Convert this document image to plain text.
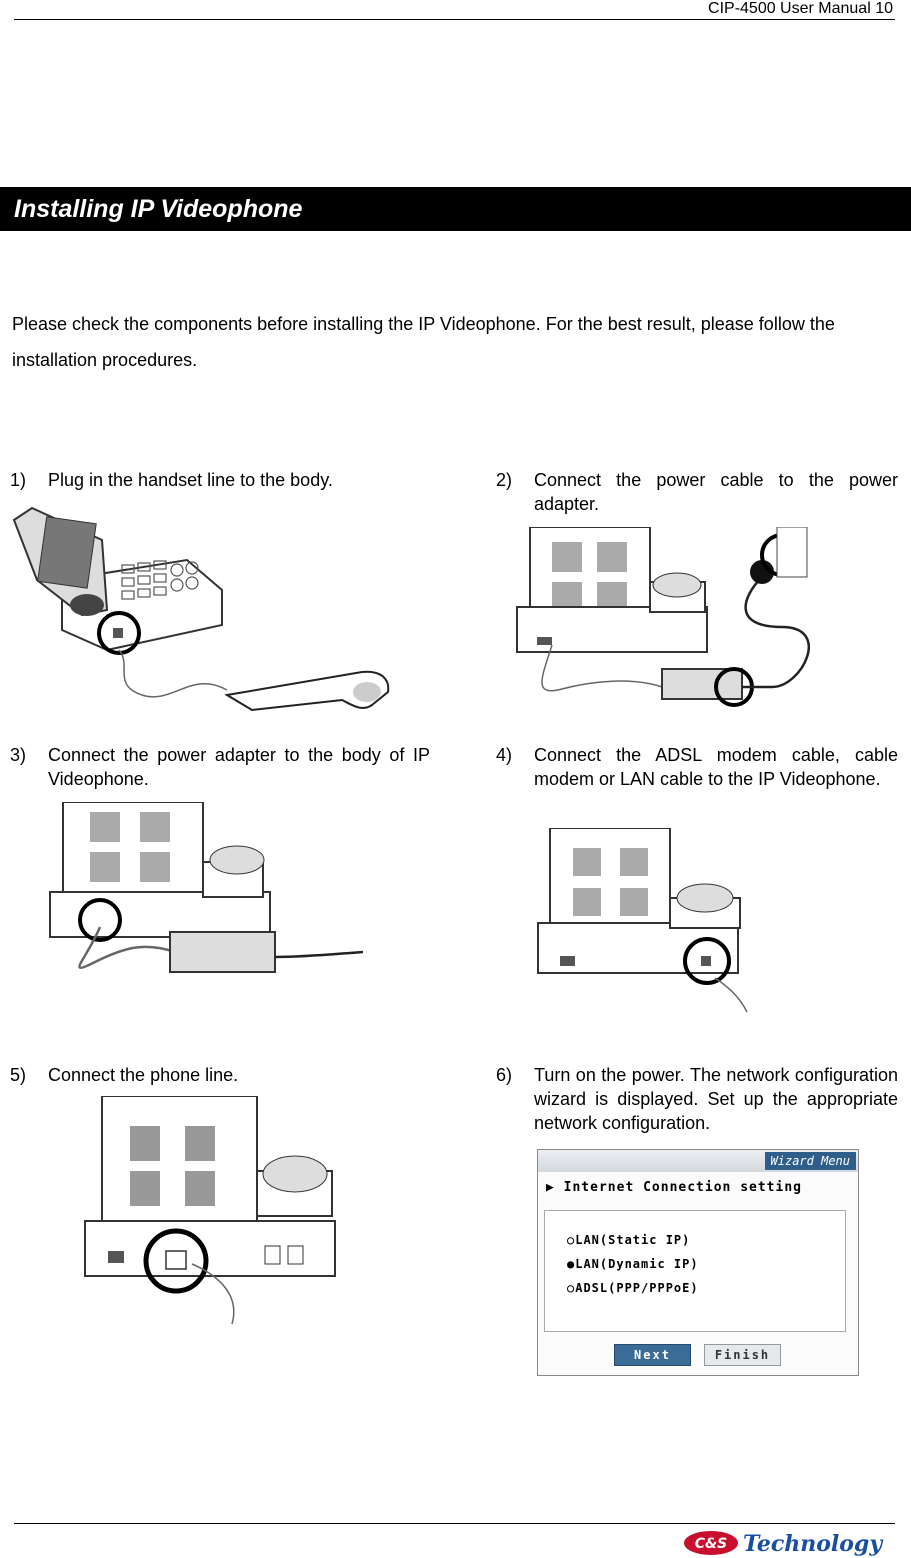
CIP-4500 User Manual 10
Installing IP Videophone
Please check the components before installing the IP Videophone. For the best result, please follow the installation procedures.
1) Plug in the handset line to the body.	2) Connect the power cable to the power adapter.
3) Connect the power adapter to the body of IP Videophone.
4) Connect the ADSL modem cable, cable modem or LAN cable to the IP Videophone.
5) Connect the phone line.	6) Turn on the power. The network configuration wizard is displayed. Set up the appropriate network configuration.
Wizard Menu
▶ Internet Connection setting
○LAN(Static IP)
●LAN(Dynamic IP)
○ADSL(PPP/PPPoE)
Next	Finish
C&S Technology
